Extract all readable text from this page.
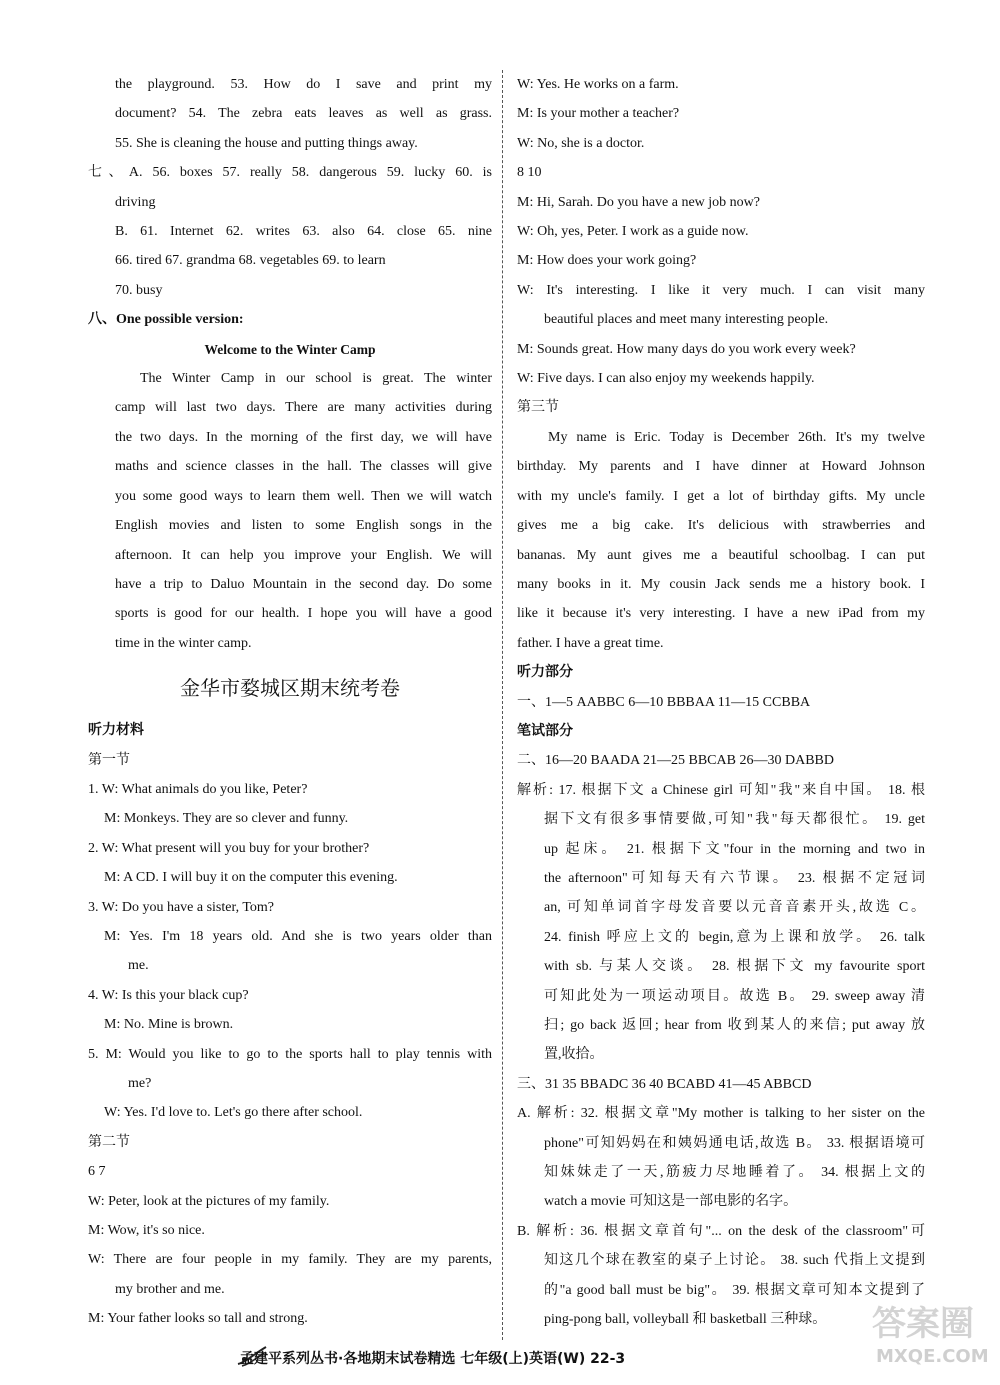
the playground. 53. How do I save and print my
document? 54. The zebra eats leaves as well as grass.
55. She is cleaning the house and putting things away.
七、A. 56. boxes 57. really 58. dangerous 59. lucky 60. is
driving
B. 61. Internet 62. writes 63. also 64. close 65. nine
66. tired 67. grandma 68. vegetables 69. to learn
70. busy
八、One possible version:
Welcome to the Winter Camp
The Winter Camp in our school is great. The winter
camp will last two days. There are many activities during
the two days. In the morning of the first day, we will have
maths and science classes in the hall. The classes will give
you some good ways to learn them well. Then we will watch
English movies and listen to some English songs in the
afternoon. It can help you improve your English. We will
have a trip to Daluo Mountain in the second day. Do some
sports is good for our health. I hope you will have a good
time in the winter camp.
金华市婺城区期末统考卷
听力材料
第一节
1. W: What animals do you like, Peter?
M: Monkeys. They are so clever and funny.
2. W: What present will you buy for your brother?
M: A CD. I will buy it on the computer this evening.
3. W: Do you have a sister, Tom?
M: Yes. I'm 18 years old. And she is two years older than
me.
4. W: Is this your black cup?
M: No. Mine is brown.
5. M: Would you like to go to the sports hall to play tennis with
me?
W: Yes. I'd love to. Let's go there after school.
第二节
6 7
W: Peter, look at the pictures of my family.
M: Wow, it's so nice.
W: There are four people in my family. They are my parents,
my brother and me.
M: Your father looks so tall and strong.
W: Yes. He works on a farm.
M: Is your mother a teacher?
W: No, she is a doctor.
8 10
M: Hi, Sarah. Do you have a new job now?
W: Oh, yes, Peter. I work as a guide now.
M: How does your work going?
W: It's interesting. I like it very much. I can visit many
beautiful places and meet many interesting people.
M: Sounds great. How many days do you work every week?
W: Five days. I can also enjoy my weekends happily.
第三节
My name is Eric. Today is December 26th. It's my twelve
birthday. My parents and I have dinner at Howard Johnson
with my uncle's family. I get a lot of birthday gifts. My uncle
gives me a big cake. It's delicious with strawberries and
bananas. My aunt gives me a beautiful schoolbag. I can put
many books in it. My cousin Jack sends me a history book. I
like it because it's very interesting. I have a new iPad from my
father. I have a great time.
听力部分
一、1—5 AABBC 6—10 BBBAA 11—15 CCBBA
笔试部分
二、16—20 BAADA 21—25 BBCAB 26—30 DABBD
解析: 17. 根据下文 a Chinese girl 可知"我"来自中国。 18. 根
据下文有很多事情要做,可知"我"每天都很忙。 19. get
up 起床。 21. 根据下文"four in the morning and two in
the afternoon"可知每天有六节课。 23. 根据不定冠词
an, 可知单词首字母发音要以元音音素开头,故选 C。
24. finish 呼应上文的 begin,意为上课和放学。 26. talk
with sb. 与某人交谈。 28. 根据下文 my favourite sport
可知此处为一项运动项目。故选 B。 29. sweep away 清
扫; go back 返回; hear from 收到某人的来信; put away 放
置,收拾。
三、31 35 BBADC 36 40 BCABD 41—45 ABBCD
A. 解析: 32. 根据文章"My mother is talking to her sister on the
phone"可知妈妈在和姨妈通电话,故选 B。 33. 根据语境可
知妹妹走了一天,筋疲力尽地睡着了。 34. 根据上文的
watch a movie 可知这是一部电影的名字。
B. 解析: 36. 根据文章首句"... on the desk of the classroom"可
知这几个球在教室的桌子上讨论。 38. such 代指上文提到
的"a good ball must be big"。 39. 根据文章可知本文提到了
ping-pong ball, volleyball 和 basketball 三种球。
孟建平系列丛书·各地期末试卷精选 七年级(上)英语(W) 22-3
答案圈
MXQE.COM
